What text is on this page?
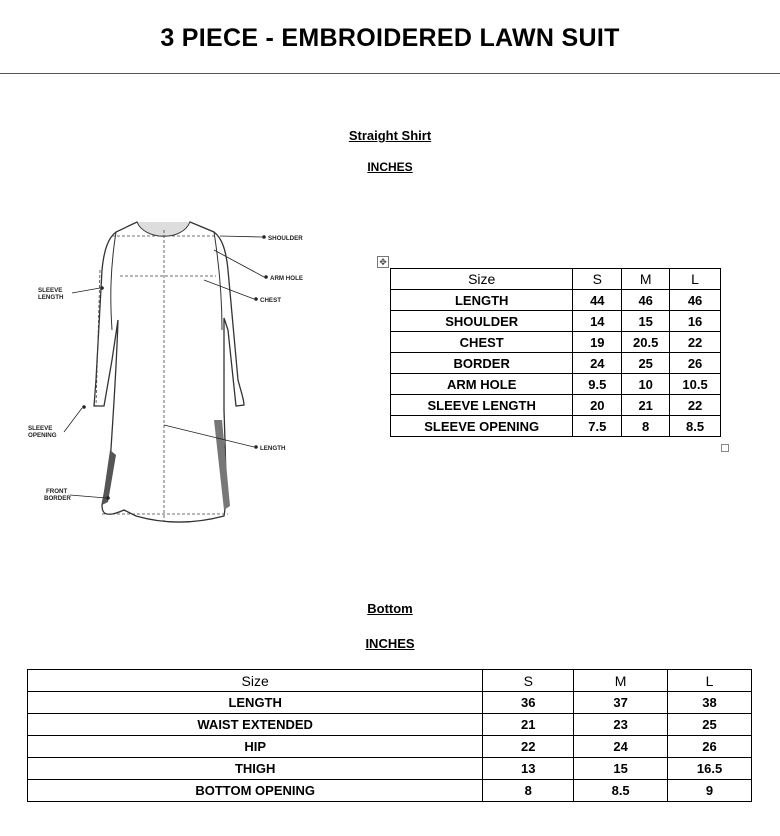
3 PIECE - EMBROIDERED LAWN SUIT
Straight Shirt
INCHES
SHOULDER
ARM HOLE
CHEST
SLEEVE
LENGTH
SLEEVE
OPENING
LENGTH
FRONT
BORDER
✥
Size	S	M	L
LENGTH	44	46	46
SHOULDER	14	15	16
CHEST	19	20.5	22
BORDER	24	25	26
ARM HOLE	9.5	10	10.5
SLEEVE LENGTH	20	21	22
SLEEVE OPENING	7.5	8	8.5
Bottom
INCHES
Size	S	M	L
LENGTH	36	37	38
WAIST EXTENDED	21	23	25
HIP	22	24	26
THIGH	13	15	16.5
BOTTOM OPENING	8	8.5	9
